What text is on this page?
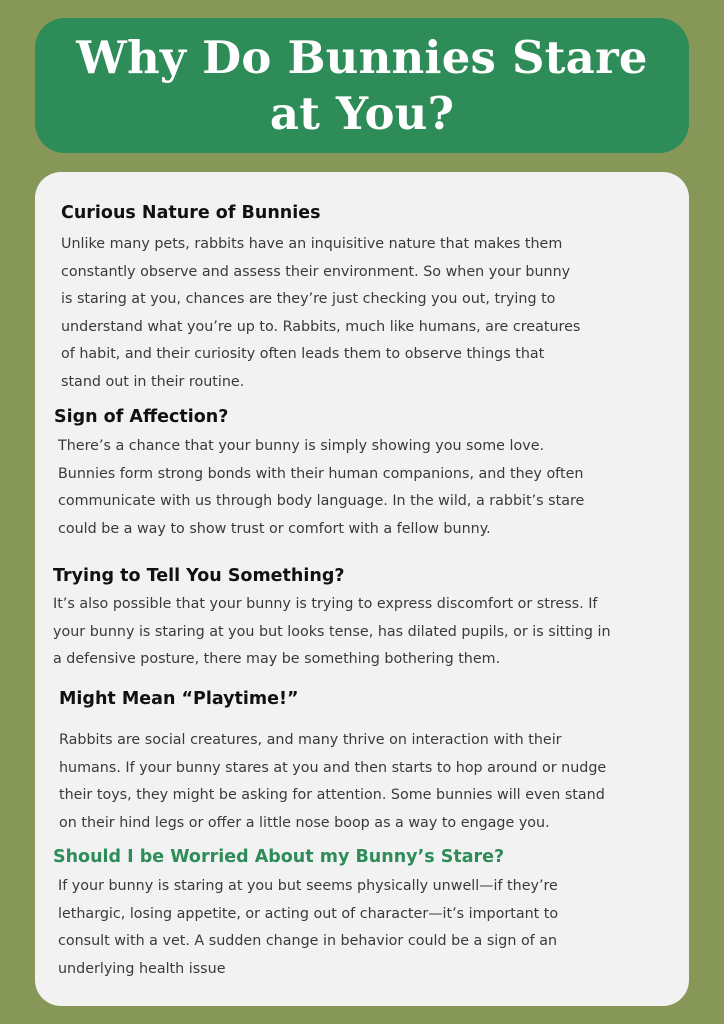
Why Do Bunnies Stare at You?
Curious Nature of Bunnies

Unlike many pets, rabbits have an inquisitive nature that makes them constantly observe and assess their environment. So when your bunny is staring at you, chances are they’re just checking you out, trying to understand what you’re up to. Rabbits, much like humans, are creatures of habit, and their curiosity often leads them to observe things that stand out in their routine.

Sign of Affection?

There’s a chance that your bunny is simply showing you some love. Bunnies form strong bonds with their human companions, and they often communicate with us through body language. In the wild, a rabbit’s stare could be a way to show trust or comfort with a fellow bunny.

Trying to Tell You Something?

It’s also possible that your bunny is trying to express discomfort or stress. If your bunny is staring at you but looks tense, has dilated pupils, or is sitting in a defensive posture, there may be something bothering them.

Might Mean “Playtime!”

Rabbits are social creatures, and many thrive on interaction with their humans. If your bunny stares at you and then starts to hop around or nudge their toys, they might be asking for attention. Some bunnies will even stand on their hind legs or offer a little nose boop as a way to engage you.

Should I be Worried About my Bunny’s Stare?

If your bunny is staring at you but seems physically unwell—if they’re lethargic, losing appetite, or acting out of character—it’s important to consult with a vet. A sudden change in behavior could be a sign of an underlying health issue
